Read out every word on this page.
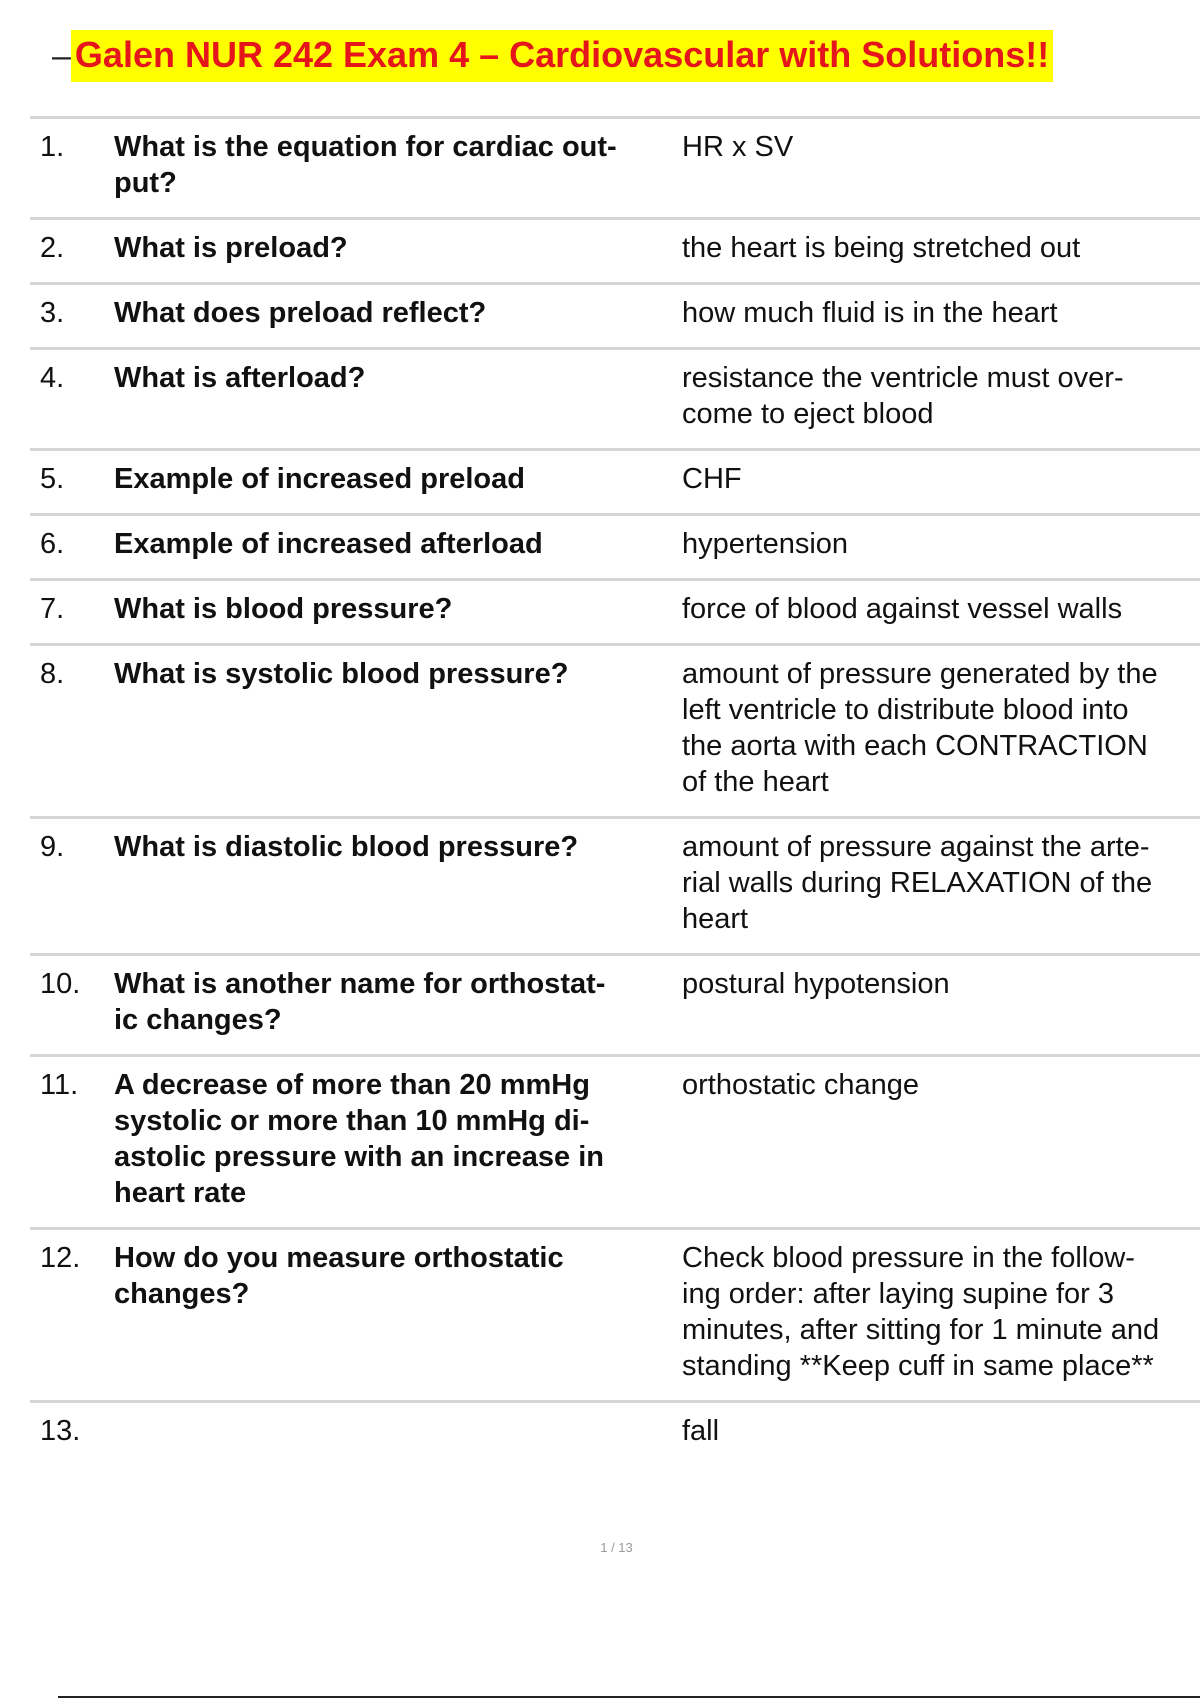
– Galen NUR 242 Exam 4 – Cardiovascular with Solutions!!
1.	What is the equation for cardiac out-
put?	HR x SV

2.	What is preload?	the heart is being stretched out

3.	What does preload reflect?	how much fluid is in the heart

4.	What is afterload?	resistance the ventricle must over-
come to eject blood

5.	Example of increased preload	CHF

6.	Example of increased afterload	hypertension

7.	What is blood pressure?	force of blood against vessel walls

8.	What is systolic blood pressure?	amount of pressure generated by the
left ventricle to distribute blood into
the aorta with each CONTRACTION
of the heart

9.	What is diastolic blood pressure?	amount of pressure against the arte-
rial walls during RELAXATION of the
heart

10.	What is another name for orthostat-
ic changes?	postural hypotension

11.	A decrease of more than 20 mmHg
systolic or more than 10 mmHg di-
astolic pressure with an increase in
heart rate	orthostatic change

12.	How do you measure orthostatic
changes?	Check blood pressure in the follow-
ing order: after laying supine for 3
minutes, after sitting for 1 minute and
standing **Keep cuff in same place**

13.		fall
1 / 13
